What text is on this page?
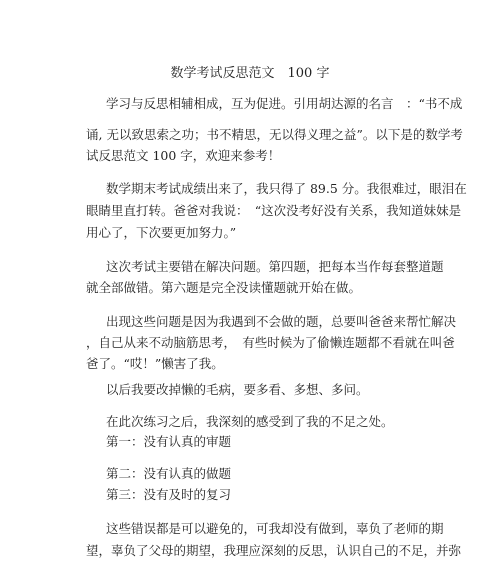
数学考试反思范文　100 字
学习与反思相辅相成，互为促进。引用胡达源的名言　：“书不成
诵, 无以致思索之功；书不精思，无以得义理之益”。以下是的数学考
试反思范文 100 字，欢迎来参考！
数学期末考试成绩出来了，我只得了 89.5 分。我很难过，眼泪在
眼睛里直打转。爸爸对我说：　“这次没考好没有关系，我知道妹妹是
用心了，下次要更加努力。”
这次考试主要错在解决问题。第四题，把每本当作每套整道题
就全部做错。第六题是完全没读懂题就开始在做。
出现这些问题是因为我遇到不会做的题，总要叫爸爸来帮忙解决
，自己从来不动脑筋思考，　有些时候为了偷懒连题都不看就在叫爸
爸了。“哎！”懒害了我。
以后我要改掉懒的毛病，要多看、多想、多问。
在此次练习之后，我深刻的感受到了我的不足之处。
第一：没有认真的审题
第二：没有认真的做题
第三：没有及时的复习
这些错误都是可以避免的，可我却没有做到，辜负了老师的期
望，辜负了父母的期望，我理应深刻的反思，认识自己的不足，并弥
